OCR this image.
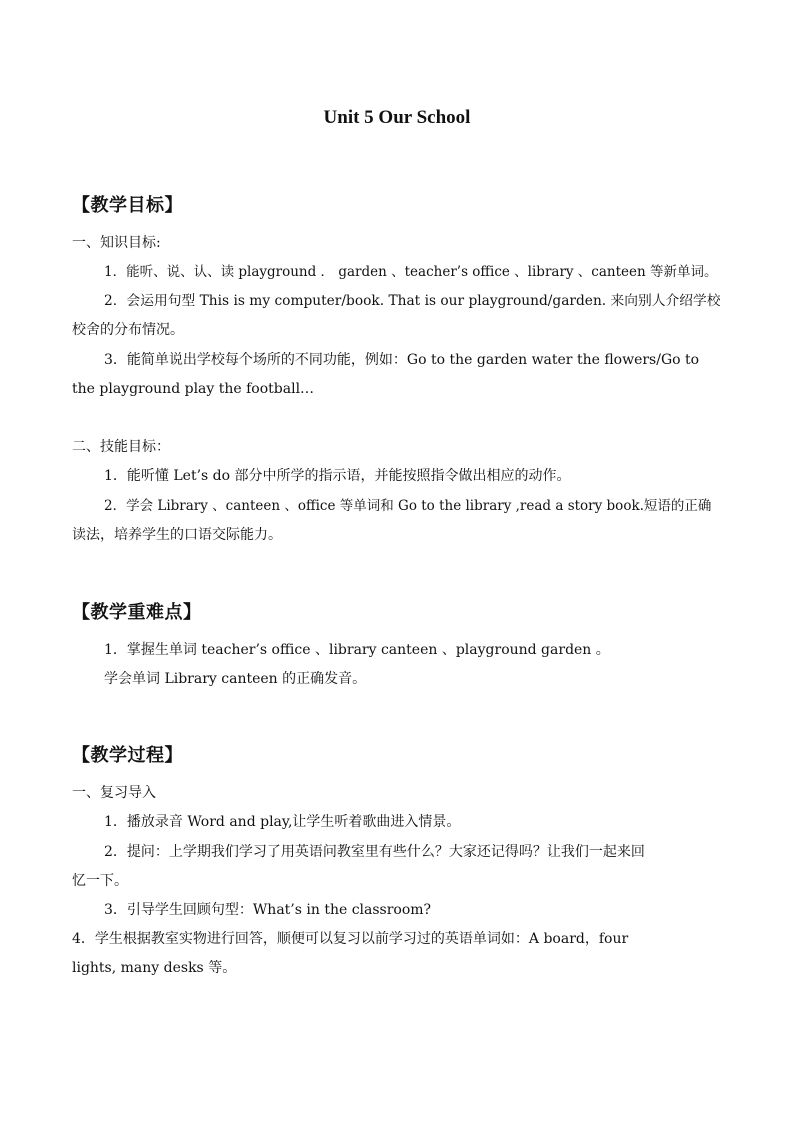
Unit 5 Our School
【教学目标】
一、知识目标:
1．能听、说、认、读 playground ． garden 、teacher’s office 、library 、canteen 等新单词。
2．会运用句型 This is my computer/book. That is our playground/garden. 来向别人介绍学校
校舍的分布情况。
3．能简单说出学校每个场所的不同功能，例如：Go to the garden water the flowers/Go to
the playground play the football…
二、技能目标：
1．能听懂 Let’s do 部分中所学的指示语，并能按照指令做出相应的动作。
2．学会 Library 、canteen 、office 等单词和 Go to the library ,read a story book.短语的正确
读法，培养学生的口语交际能力。
【教学重难点】
1．掌握生单词 teacher’s office 、library canteen 、playground garden 。
学会单词 Library canteen 的正确发音。
【教学过程】
一、复习导入
1．播放录音 Word and play,让学生听着歌曲进入情景。
2．提问：上学期我们学习了用英语问教室里有些什么？大家还记得吗？让我们一起来回
忆一下。
3．引导学生回顾句型：What’s in the classroom?
4．学生根据教室实物进行回答，顺便可以复习以前学习过的英语单词如：A board，four
lights, many desks 等。
